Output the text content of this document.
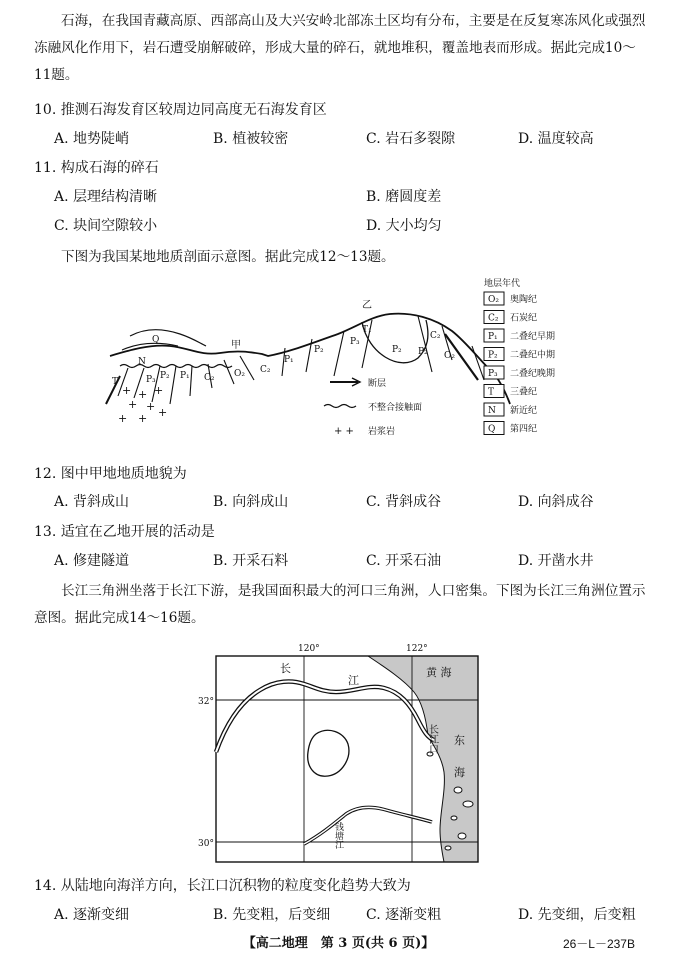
石海，在我国青藏高原、西部高山及大兴安岭北部冻土区均有分布，主要是在反复寒冻风化或强烈冻融风化作用下，岩石遭受崩解破碎，形成大量的碎石，就地堆积，覆盖地表而形成。据此完成10～11题。

10. 推测石海发育区较周边同高度无石海发育区

A. 地势陡峭	B. 植被较密	C. 岩石多裂隙	D. 温度较高

11. 构成石海的碎石

A. 层理结构清晰	B. 磨圆度差
C. 块间空隙较小	D. 大小均匀

下图为我国某地地质剖面示意图。据此完成12～13题。

+ + +
+ +
+ + +
Q
N
T	P₃ P₂ P₁ C₂ O₂ C₂
P₁
P₂
P₃
T₁
P₂ P₂
C₂
O₂
甲
乙
断层
不整合接触面
+ + 岩浆岩
地层年代
O₂ 奥陶纪
C₂ 石炭纪
P₁ 二叠纪早期
P₂ 二叠纪中期
P₃ 二叠纪晚期
T 三叠纪
N 新近纪
Q 第四纪

12. 图中甲地地质地貌为

A. 背斜成山	B. 向斜成山	C. 背斜成谷	D. 向斜成谷

13. 适宜在乙地开展的活动是

A. 修建隧道	B. 开采石料	C. 开采石油	D. 开凿水井

长江三角洲坐落于长江下游，是我国面积最大的河口三角洲，人口密集。下图为长江三角洲位置示意图。据此完成14～16题。

120°	122°
32°
30°
长
江
黄 海
长江口 东
海
钱塘江

14. 从陆地向海洋方向，长江口沉积物的粒度变化趋势大致为

A. 逐渐变细	B. 先变粗，后变细	C. 逐渐变粗	D. 先变细，后变粗
【高二地理　第 3 页(共 6 页)】	26－L－237B
